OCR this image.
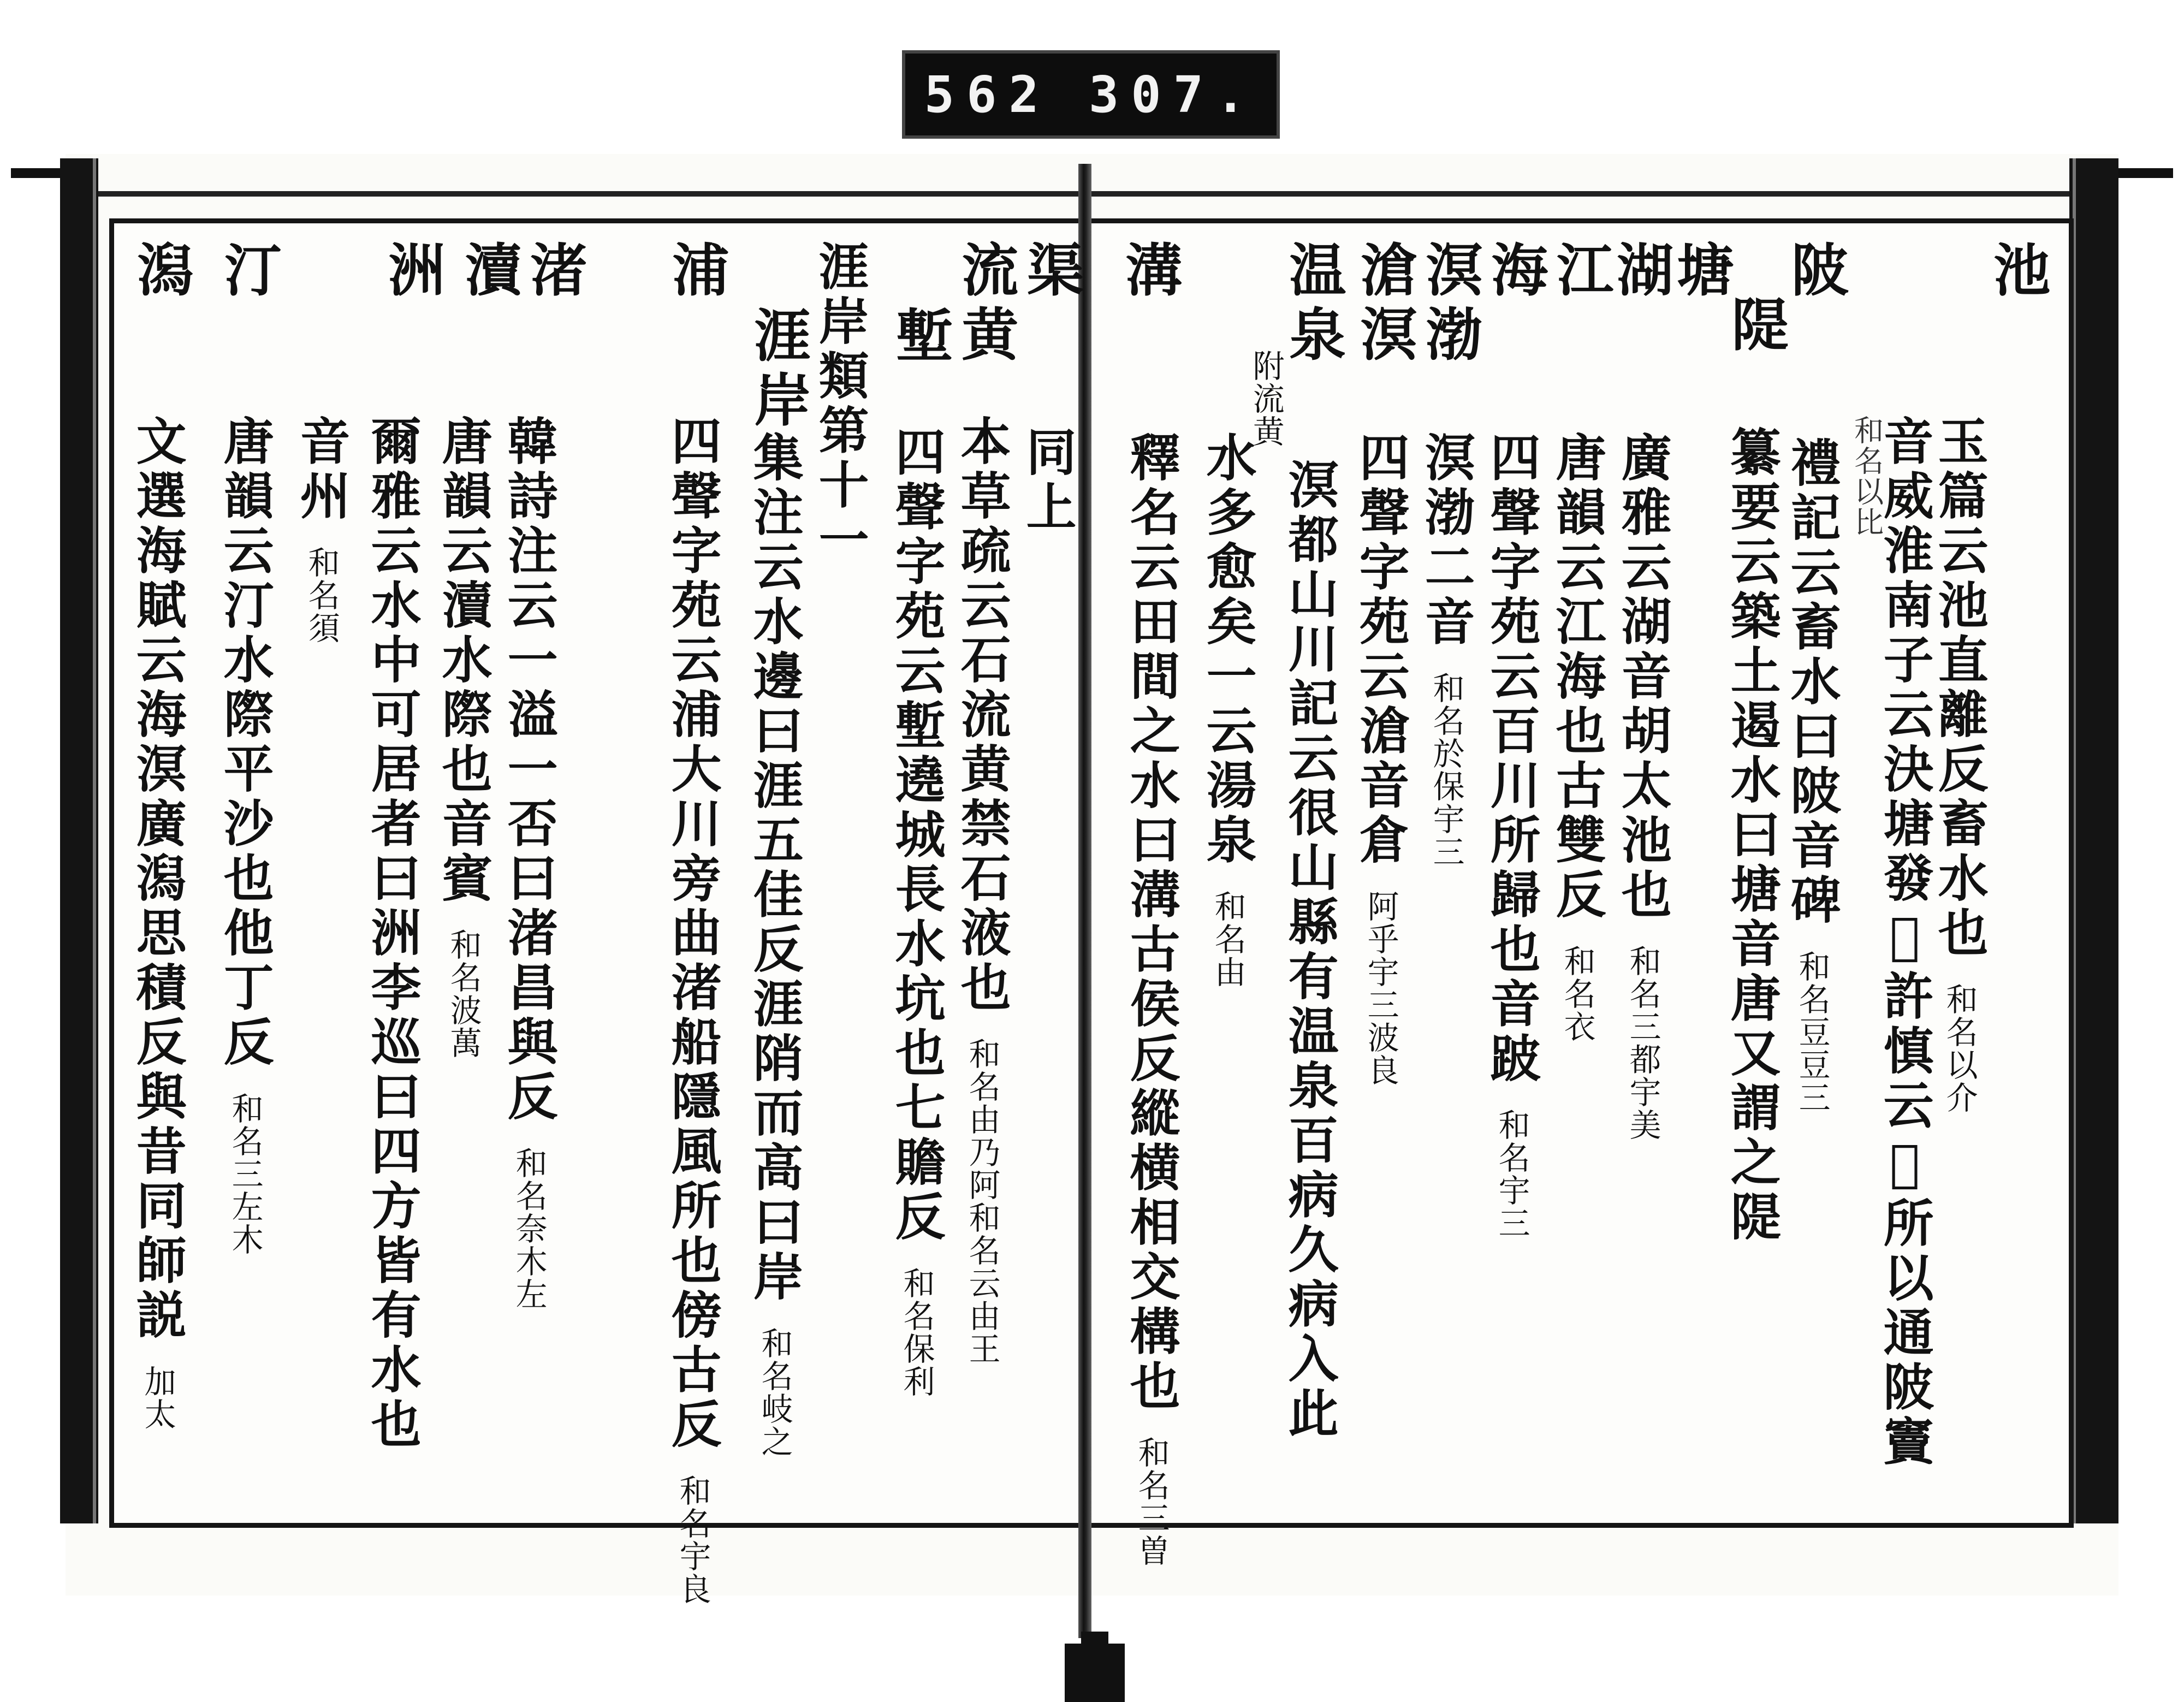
562 307.
池
玉篇云池直離反畜水也 和名以介
音威淮南子云決塘發𪱈許慎云𪱈所以通陂竇
和名以比
陂
禮記云畜水曰陂音碑 和名豆豆三
隄
纂要云築土遏水曰塘音唐又謂之隄
塘
湖
廣雅云湖音胡太池也 和名三都宇美
江
唐韻云江海也古雙反 和名衣
海
四聲字苑云百川所歸也音跛 和名宇三
溟渤
溟渤二音 和名於保宇三
滄溟
四聲字苑云滄音倉 阿乎宇三波良
温泉
溟都山川記云很山縣有温泉百病久病入此
附流黄
水多愈矣一云湯泉 和名由
溝
釋名云田間之水曰溝古侯反縱横相交構也 和名三曽
渠
同上
流黄
本草疏云石流黄禁石液也 和名由乃阿和名云由王
塹
四聲字苑云塹遶城長水坑也七贍反 和名保利
涯岸類第十一
涯岸
集注云水邊曰涯五佳反涯陗而高曰岸 和名岐之
浦
四聲字苑云浦大川旁曲渚船隱風所也傍古反 和名宇良
渚
韓詩注云一溢一否曰渚昌與反 和名奈木左
瀆
唐韻云瀆水際也音賓 和名波萬
洲
爾雅云水中可居者曰洲李巡曰四方皆有水也
音州 和名須
汀
唐韻云汀水際平沙也他丁反 和名三左木
潟
文選海賦云海溟廣潟思積反與昔同師説 加太
